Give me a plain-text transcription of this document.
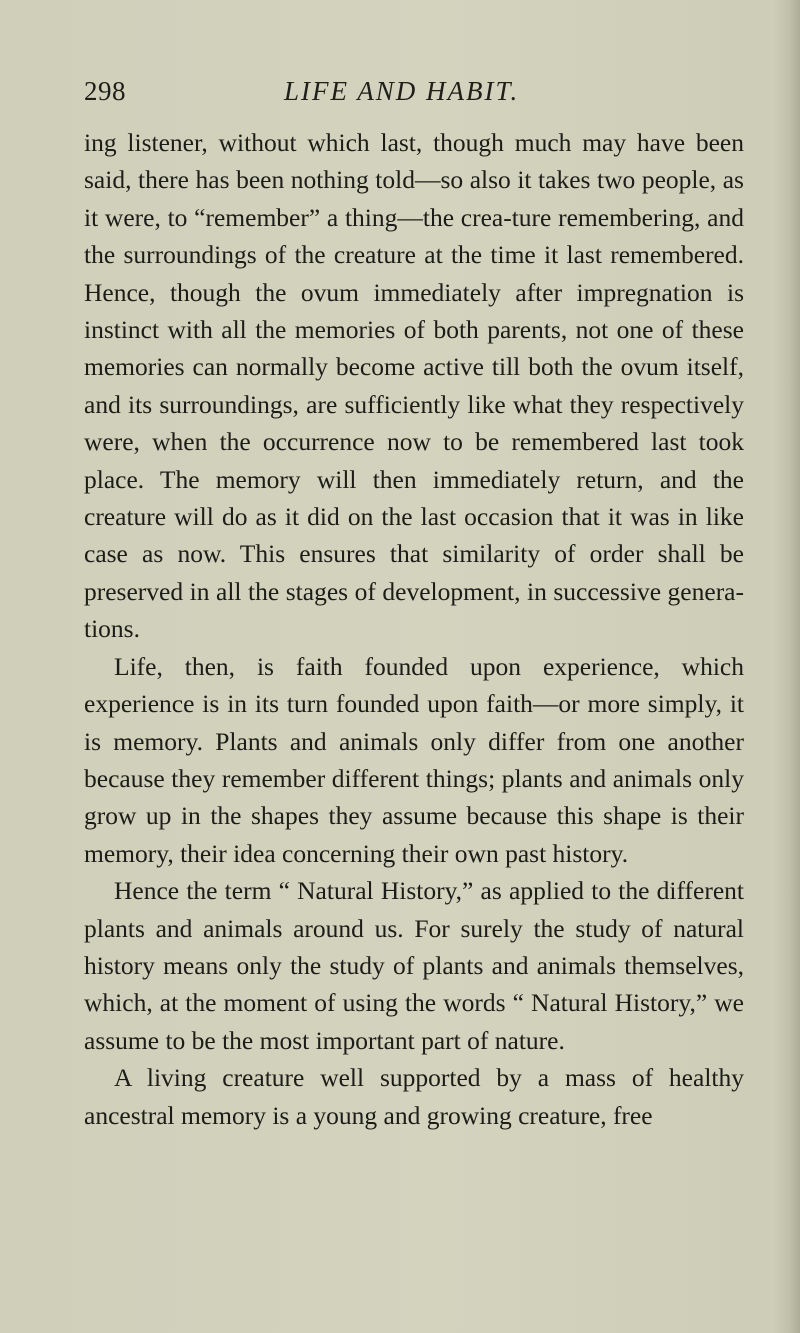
298	LIFE AND HABIT.

ing listener, without which last, though much may have been said, there has been nothing told—so also it takes two people, as it were, to “remember” a thing—the crea-ture remembering, and the surroundings of the creature at the time it last remembered. Hence, though the ovum immediately after impregnation is instinct with all the memories of both parents, not one of these memories can normally become active till both the ovum itself, and its surroundings, are sufficiently like what they respectively were, when the occurrence now to be remembered last took place. The memory will then immediately return, and the creature will do as it did on the last occasion that it was in like case as now. This ensures that similarity of order shall be preserved in all the stages of development, in successive genera-tions.

Life, then, is faith founded upon experience, which experience is in its turn founded upon faith—or more simply, it is memory. Plants and animals only differ from one another because they remember different things; plants and animals only grow up in the shapes they assume because this shape is their memory, their idea concerning their own past history.

Hence the term “ Natural History,” as applied to the different plants and animals around us. For surely the study of natural history means only the study of plants and animals themselves, which, at the moment of using the words “ Natural History,” we assume to be the most important part of nature.

A living creature well supported by a mass of healthy ancestral memory is a young and growing creature, free
